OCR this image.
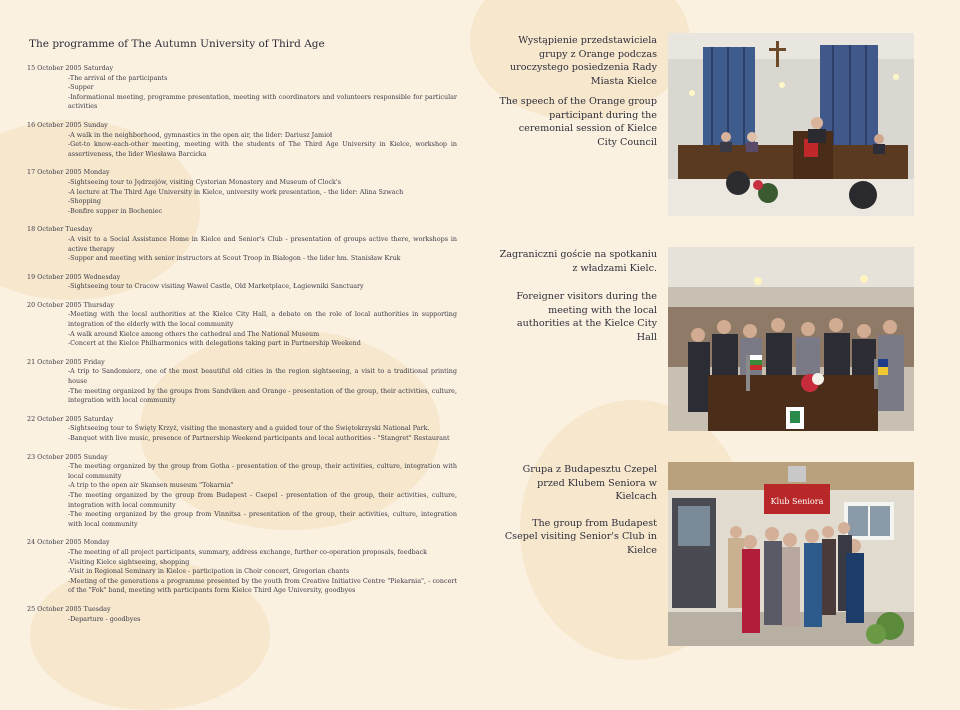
The programme of The Autumn University of Third Age
15 October 2005 Saturday
-The arrival of the participants
-Supper
-Informational meeting, programme presentation, meeting with coordinators and volunteers responsible for particular activities
16 October 2005 Sunday
-A walk in the neighborhood, gymnastics in the open air, the lider: Dariusz Jamioł
-Get-to know-each-other meeting, meeting with the students of The Third Age University in Kielce, workshop in assertiveness, the lider Wiesława Barcicka
17 October 2005 Monday
-Sightseeing tour to Jędrzejów, visiting Cysterian Monastery and Museum of Clock's
-A lecture at The Third Age University in Kielce, university work presentation, - the lider: Alina Szwach
-Shopping
-Bonfire supper in Bocheniec
18 October Tuesday
-A visit to a Social Assistance Home in Kielce and Senior's Club - presentation of groups active there, workshops in active therapy
-Supper and meeting with senior instructors at Scout Troop in Białogon - the lider hm. Stanisław Kruk
19 October 2005 Wednesday
-Sightseeing tour to Cracow visiting Wawel Castle, Old Marketplace, Łagiewniki Sanctuary
20 October 2005 Thursday
-Meeting with the local authorities at the Kielce City Hall, a debate on the role of local authorities in supporting integration of the elderly with the local community
-A walk around Kielce among others the cathedral and The National Museum
-Concert at the Kielce Philharmonics with delegations taking part in Partnership Weekend
21 October 2005 Friday
-A trip to Sandomierz, one of the most beautiful old cities in the region sightseeing, a visit to a traditional printing house
-The meeting organized by the groups from Sandviken and Orange - presentation of the group, their activities, culture, integration with local community
22 October 2005 Saturday
-Sightseeing tour to Święty Krzyż, visiting the monastery and a guided tour of the Świętokrzyski National Park.
-Banquet with live music, presence of Partnership Weekend participants and local authorities - "Stangret" Restaurant
23 October 2005 Sunday
-The meeting organized by the group from Gotha - presentation of the group, their activities, culture, integration with local community
-A trip to the open air Skansen museum "Tokarnia"
-The meeting organized by the group from Budapest - Csepel - presentation of the group, their activities, culture, integration with local community
-The meeting organized by the group from Vinnitsa - presentation of the group, their activities, culture, integration with local community
24 October 2005 Monday
-The meeting of all project participants, summary, address exchange, further co-operation proposals, feedback
-Visiting Kielce sightseeing, shopping
-Visit in Regional Seminary in Kielce - participation in Choir concert, Gregorian chants
-Meeting of the generations a programme presented by the youth from Creative Initiative Centre "Piekarnia", - concert of the "Fok" band, meeting with participants form Kielce Third Age University, goodbyes
25 October 2005 Tuesday
-Departure - goodbyes

Wystąpienie przedstawiciela grupy z Orange podczas uroczystego posiedzenia Rady Miasta Kielce

The speech of the Orange group participant during the ceremonial session of Kielce City Council

Zagraniczni goście na spotkaniu z władzami Kielc.

Foreigner visitors during the meeting with the local authorities at the Kielce City Hall

Grupa z Budapesztu Czepel przed Klubem Seniora w Kielcach

The group from Budapest Csepel visiting Senior's Club in Kielce

Klub Seniora
